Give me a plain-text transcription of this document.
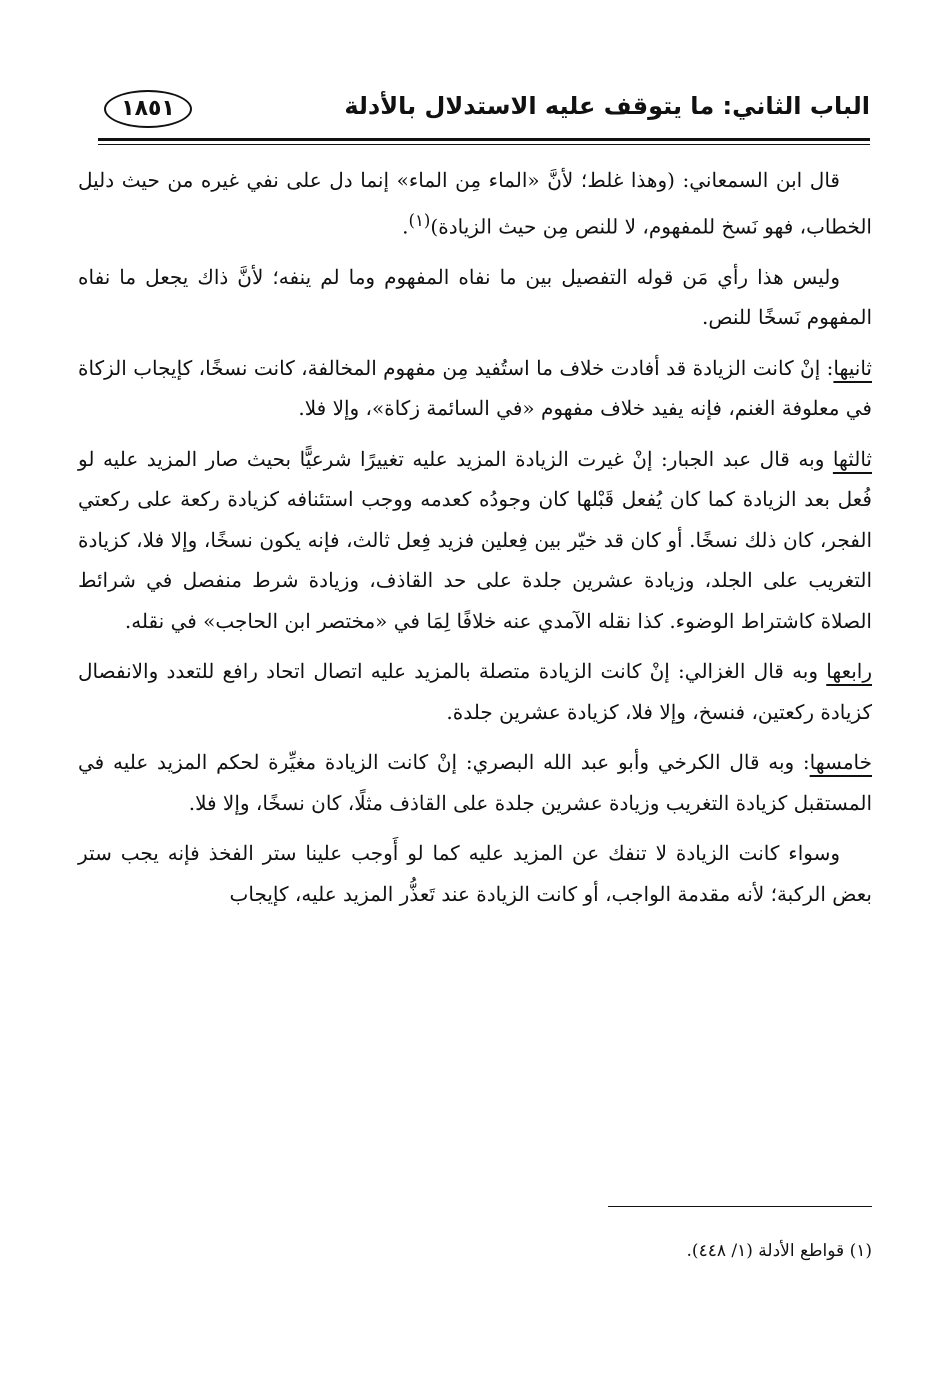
الباب الثاني: ما يتوقف عليه الاستدلال بالأدلة
١٨٥١

قال ابن السمعاني: (وهذا غلط؛ لأنَّ «الماء مِن الماء» إنما دل على نفي غيره من حيث دليل الخطاب، فهو نَسخ للمفهوم، لا للنص مِن حيث الزيادة)$^{(١)}$.

وليس هذا رأي مَن قوله التفصيل بين ما نفاه المفهوم وما لم ينفه؛ لأنَّ ذاك يجعل ما نفاه المفهوم نَسخًا للنص.

ثانيها: إنْ كانت الزيادة قد أفادت خلاف ما استُفيد مِن مفهوم المخالفة، كانت نسخًا، كإيجاب الزكاة في معلوفة الغنم، فإنه يفيد خلاف مفهوم «في السائمة زكاة»، وإلا فلا.

ثالثها وبه قال عبد الجبار: إنْ غيرت الزيادة المزيد عليه تغييرًا شرعيًّا بحيث صار المزيد عليه لو فُعل بعد الزيادة كما كان يُفعل قَبْلها كان وجودُه كعدمه ووجب استئنافه كزيادة ركعة على ركعتي الفجر، كان ذلك نسخًا. أو كان قد خيّر بين فِعلين فزيد فِعل ثالث، فإنه يكون نسخًا، وإلا فلا، كزيادة التغريب على الجلد، وزيادة عشرين جلدة على حد القاذف، وزيادة شرط منفصل في شرائط الصلاة كاشتراط الوضوء. كذا نقله الآمدي عنه خلافًا لِمَا في «مختصر ابن الحاجب» في نقله.

رابعها وبه قال الغزالي: إنْ كانت الزيادة متصلة بالمزيد عليه اتصال اتحاد رافع للتعدد والانفصال كزيادة ركعتين، فنسخ، وإلا فلا، كزيادة عشرين جلدة.

خامسها: وبه قال الكرخي وأبو عبد الله البصري: إنْ كانت الزيادة مغيِّرة لحكم المزيد عليه في المستقبل كزيادة التغريب وزيادة عشرين جلدة على القاذف مثلًا، كان نسخًا، وإلا فلا.

وسواء كانت الزيادة لا تنفك عن المزيد عليه كما لو أَوجب علينا ستر الفخذ فإنه يجب ستر بعض الركبة؛ لأنه مقدمة الواجب، أو كانت الزيادة عند تَعذُّر المزيد عليه، كإيجاب

(١) قواطع الأدلة (١/ ٤٤٨).
